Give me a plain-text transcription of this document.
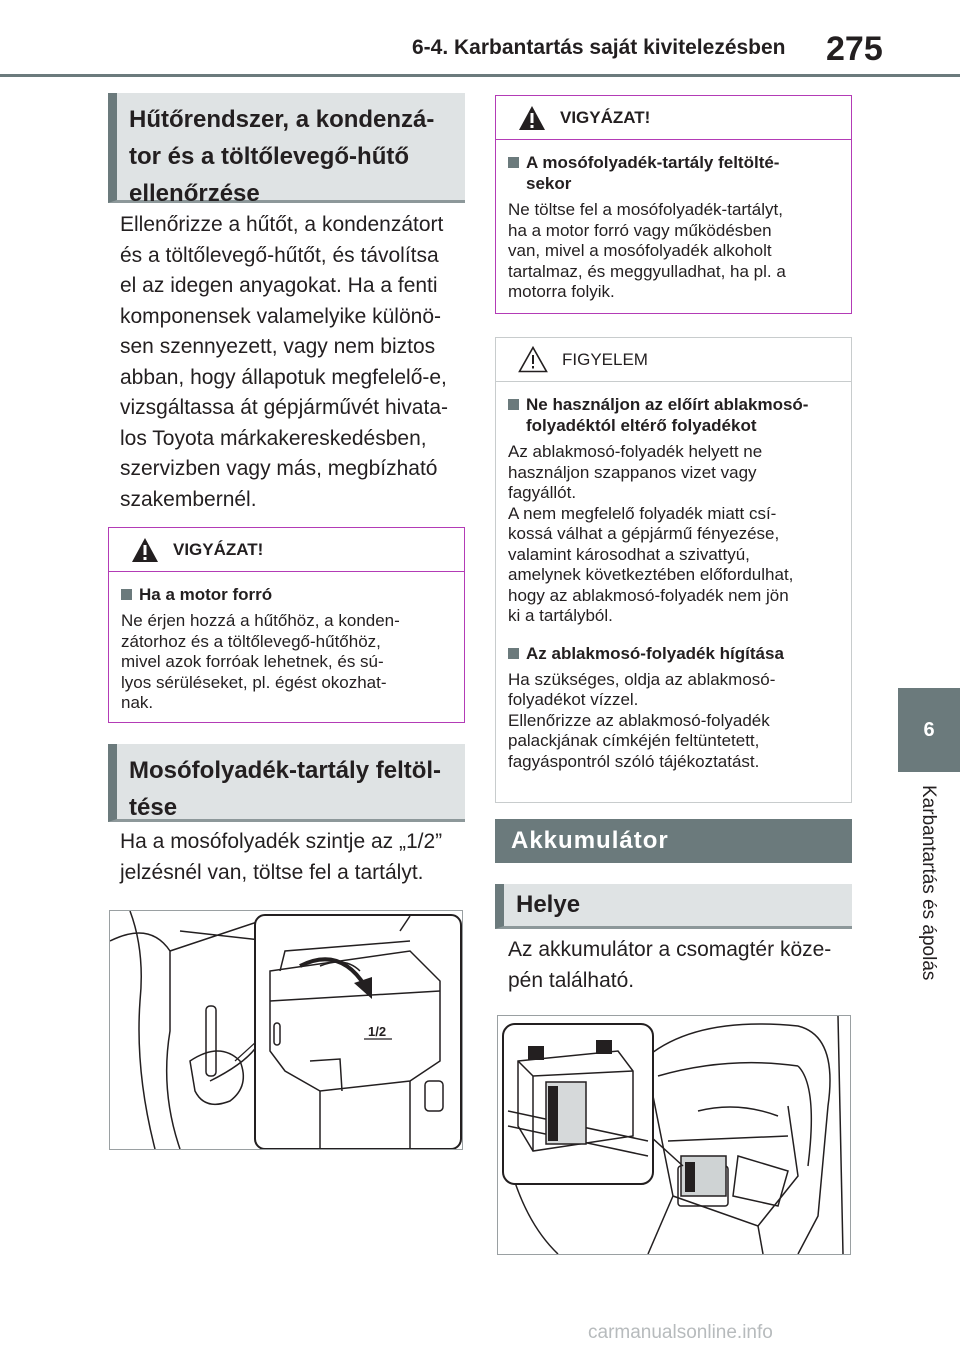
6-4. Karbantartás saját kivitelezésben 275
6
Karbantartás és ápolás
Hűtőrendszer, a kondenzá-
tor és a töltőlevegő-hűtő
ellenőrzése
Ellenőrizze a hűtőt, a kondenzátort
és a töltőlevegő-hűtőt, és távolítsa
el az idegen anyagokat. Ha a fenti
komponensek valamelyike különö-
sen szennyezett, vagy nem biztos
abban, hogy állapotuk megfelelő-e,
vizsgáltassa át gépjárművét hivata-
los Toyota márkakereskedésben,
szervizben vagy más, megbízható
szakembernél.
VIGYÁZAT!
Ha a motor forró
Ne érjen hozzá a hűtőhöz, a konden-
zátorhoz és a töltőlevegő-hűtőhöz,
mivel azok forróak lehetnek, és sú-
lyos sérüléseket, pl. égést okozhat-
nak.
Mosófolyadék-tartály feltöl-
tése
Ha a mosófolyadék szintje az „1/2”
jelzésnél van, töltse fel a tartályt.
1/2
VIGYÁZAT!
A mosófolyadék-tartály feltölté-
sekor
Ne töltse fel a mosófolyadék-tartályt,
ha a motor forró vagy működésben
van, mivel a mosófolyadék alkoholt
tartalmaz, és meggyulladhat, ha pl. a
motorra folyik.
FIGYELEM
Ne használjon az előírt ablakmosó-
folyadéktól eltérő folyadékot
Az ablakmosó-folyadék helyett ne
használjon szappanos vizet vagy
fagyállót.
A nem megfelelő folyadék miatt csí-
kossá válhat a gépjármű fényezése,
valamint károsodhat a szivattyú,
amelynek következtében előfordulhat,
hogy az ablakmosó-folyadék nem jön
ki a tartályból.
Az ablakmosó-folyadék hígítása
Ha szükséges, oldja az ablakmosó-
folyadékot vízzel.
Ellenőrizze az ablakmosó-folyadék
palackjának címkéjén feltüntetett,
fagyáspontról szóló tájékoztatást.
Akkumulátor
Helye
Az akkumulátor a csomagtér köze-
pén található.
carmanualsonline.info
